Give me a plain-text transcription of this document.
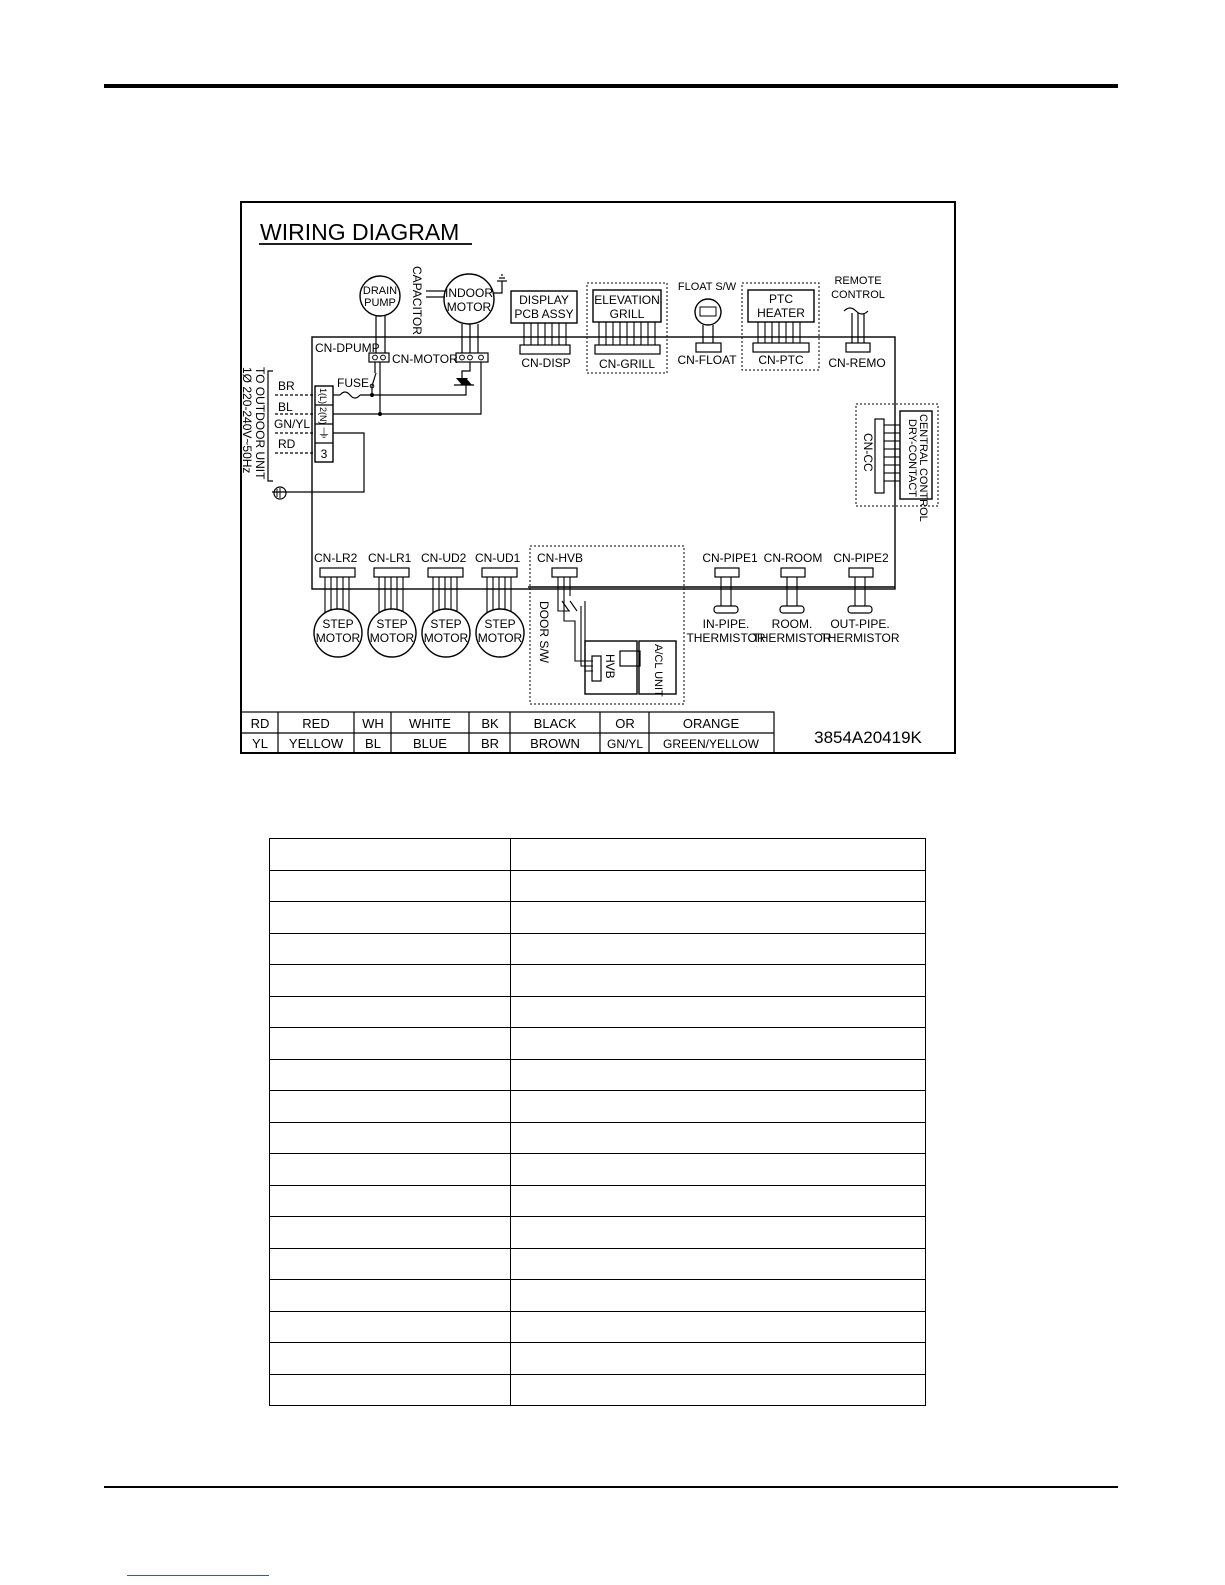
WIRING DIAGRAM
DRAIN
PUMP
CN-DPUMP
CAPACITOR INDOOR
MOTOR
CN-MOTOR
DISPLAY
PCB ASSY
CN-DISP
ELEVATION
GRILL
CN-GRILL
FLOAT S/W
CN-FLOAT
PTC
HEATER
CN-PTC
REMOTE
CONTROL
CN-REMO
CN-CC	CENTRAL CONTROL
DRY-CONTACT
TO OUTDOOR UNIT
1Ø 220-240V~50Hz BR
BL
GN/YL
RD
1(L)
2(N)
⏚
3
FUSE
CN-LR2 CN-LR1 CN-UD2 CN-UD1
STEP
MOTOR
STEP
MOTOR
STEP
MOTOR
STEP
MOTOR
CN-HVB
DOOR S/W
HVB	A/CL UNIT
CN-PIPE1 CN-ROOM CN-PIPE2
IN-PIPE.
THERMISTOR
ROOM.
THERMISTOR
OUT-PIPE.
THERMISTOR
RD	RED WH WHITE BK	BLACK	OR	ORANGE
YL YELLOW BL BLUE	BR BROWN GN/YL GREEN/YELLOW	3854A20419K
